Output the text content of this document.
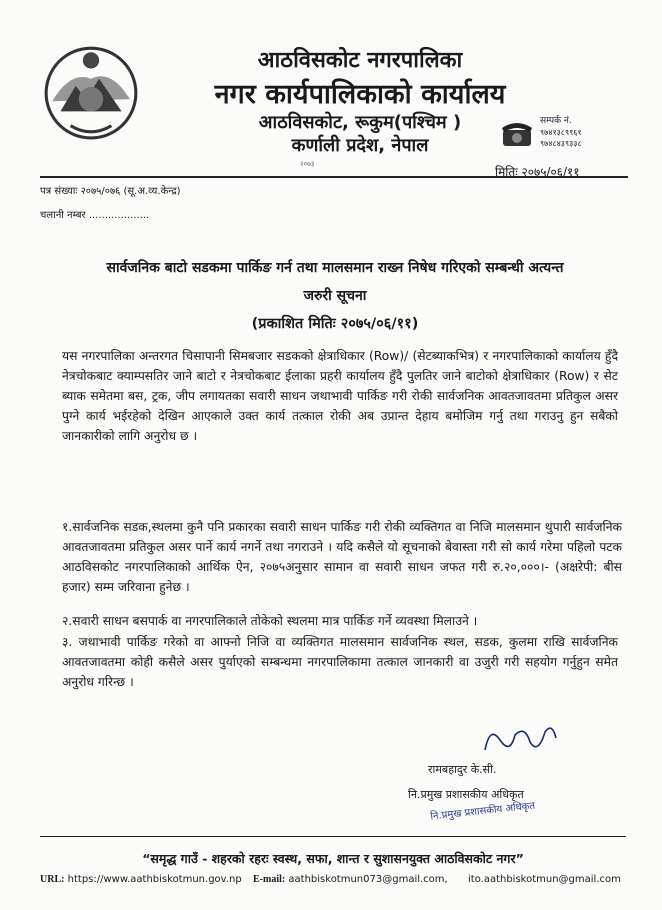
आठविसकोट नगरपालिका
नगर कार्यपालिकाको कार्यालय
आठविसकोट, रूकुम(पश्चिम )
कर्णाली प्रदेश, नेपाल
२०७३
सम्पर्क नं.
९७४१३८९९६१
९७४८४३९३३८
मितिः २०७५/०६/११
पत्र संख्याः २०७५/०७६ (सू.अ.व्य.केन्द्र)
चलानी नम्बर ...................
सार्वजनिक बाटो सडकमा पार्किङ गर्न तथा मालसमान राख्न निषेध गरिएको सम्बन्धी अत्यन्त
जरुरी सूचना
(प्रकाशित मितिः २०७५/०६/११)
यस नगरपालिका अन्तरगत चिसापानी सिमबजार सडकको क्षेत्राधिकार (Row)/ (सेटब्याकभित्र) र नगरपालिकाको कार्यालय हुँदै नेत्रचोकबाट क्याम्पसतिर जाने बाटो र नेत्रचोकबाट ईलाका प्रहरी कार्यालय हुँदै पुलतिर जाने बाटोको क्षेत्राधिकार (Row) र सेट ब्याक समेतमा बस, ट्रक, जीप लगायतका सवारी साधन जथाभावी पार्किङ गरी रोकी सार्वजनिक आवतजावतमा प्रतिकुल असर पुग्ने कार्य भईरहेको देखिन आएकाले उक्त कार्य तत्काल रोकी अब उप्रान्त देहाय बमोजिम गर्नु तथा गराउनु हुन सबैको जानकारीको लागि अनुरोध छ ।
१.सार्वजनिक सडक,स्थलमा कुनै पनि प्रकारका सवारी साधन पार्किङ गरी रोकी व्यक्तिगत वा निजि मालसमान थुपारी सार्वजनिक आवतजावतमा प्रतिकुल असर पार्ने कार्य नगर्ने तथा नगराउने । यदि कसैले यो सूचनाको बेवास्ता गरी सो कार्य गरेमा पहिलो पटक आठविसकोट नगरपालिकाको आर्थिक ऐन, २०७५अनुसार सामान वा सवारी साधन जफत गरी रु.२०,०००।- (अक्षरेपी: बीस हजार) सम्म जरिवाना हुनेछ ।
२.सवारी साधन बसपार्क वा नगरपालिकाले तोकेको स्थलमा मात्र पार्किङ गर्ने व्यवस्था मिलाउने ।
३. जथाभावी पार्किङ गरेको वा आफ्नो निजि वा व्यक्तिगत मालसमान सार्वजनिक स्थल, सडक, कुलमा राखि सार्वजनिक आवतजावतमा कोही कसैले असर पुर्याएको सम्बन्धमा नगरपालिकामा तत्काल जानकारी वा उजुरी गरी सहयोग गर्नुहुन समेत अनुरोध गरिन्छ ।
रामबहादुर के.सी.
नि.प्रमुख प्रशासकीय अधिकृत
नि.प्रमुख प्रशासकीय अधिकृत
“समृद्ध गाउँ - शहरको रहरः स्वस्थ, सफा, शान्त र सुशासनयुक्त आठविसकोट नगर”
URL: https://www.aathbiskotmun.gov.np E-mail: aathbiskotmun073@gmail.com, ito.aathbiskotmun@gmail.com
